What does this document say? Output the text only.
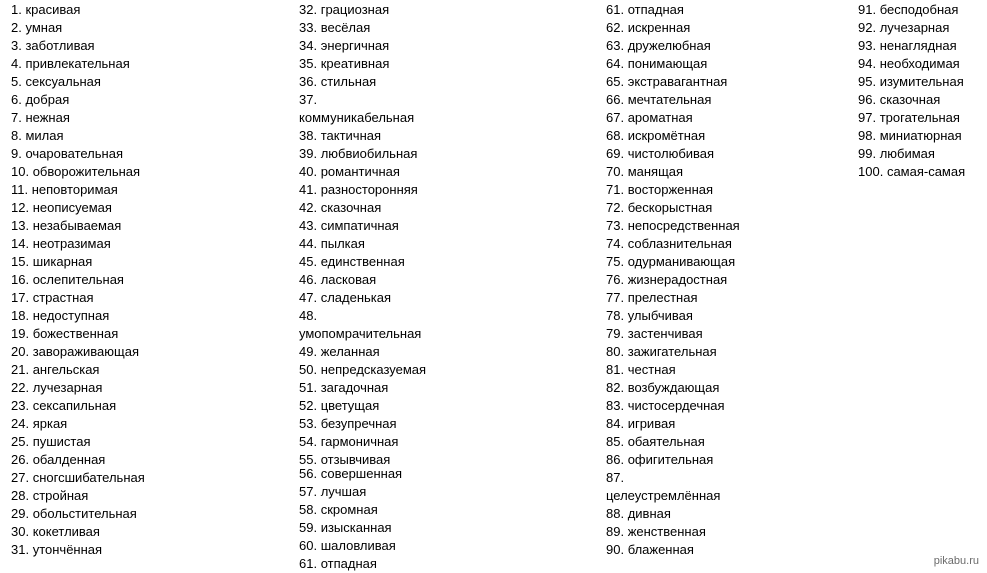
1. красивая
2. умная
3. заботливая
4. привлекательная
5. сексуальная
6. добрая
7. нежная
8. милая
9. очаровательная
10. обворожительная
11. неповторимая
12. неописуемая
13. незабываемая
14. неотразимая
15. шикарная
16. ослепительная
17. страстная
18. недоступная
19. божественная
20. завораживающая
21. ангельская
22. лучезарная
23. сексапильная
24. яркая
25. пушистая
26. обалденная
27. сногсшибательная
28. стройная
29. обольстительная
30. кокетливая
31. утончённая
32. грациозная
33. весёлая
34. энергичная
35. креативная
36. стильная
37.
коммуникабельная
38. тактичная
39. любвиобильная
40. романтичная
41. разносторонняя
42. сказочная
43. симпатичная
44. пылкая
45. единственная
46. ласковая
47. сладенькая
48.
умопомрачительная
49. желанная
50. непредсказуемая
51. загадочная
52. цветущая
53. безупречная
54. гармоничная
55. отзывчивая
56. совершенная
57. лучшая
58. скромная
59. изысканная
60. шаловливая
61. отпадная
61. отпадная
62. искренная
63. дружелюбная
64. понимающая
65. экстравагантная
66. мечтательная
67. ароматная
68. искромётная
69. чистолюбивая
70. манящая
71. восторженная
72. бескорыстная
73. непосредственная
74. соблазнительная
75. одурманивающая
76. жизнерадостная
77. прелестная
78. улыбчивая
79. застенчивая
80. зажигательная
81. честная
82. возбуждающая
83. чистосердечная
84. игривая
85. обаятельная
86. офигительная
87.
целеустремлённая
88. дивная
89. женственная
90. блаженная
91. бесподобная
92. лучезарная
93. ненаглядная
94. необходимая
95. изумительная
96. сказочная
97. трогательная
98. миниатюрная
99. любимая
100. самая-самая
pikabu.ru
